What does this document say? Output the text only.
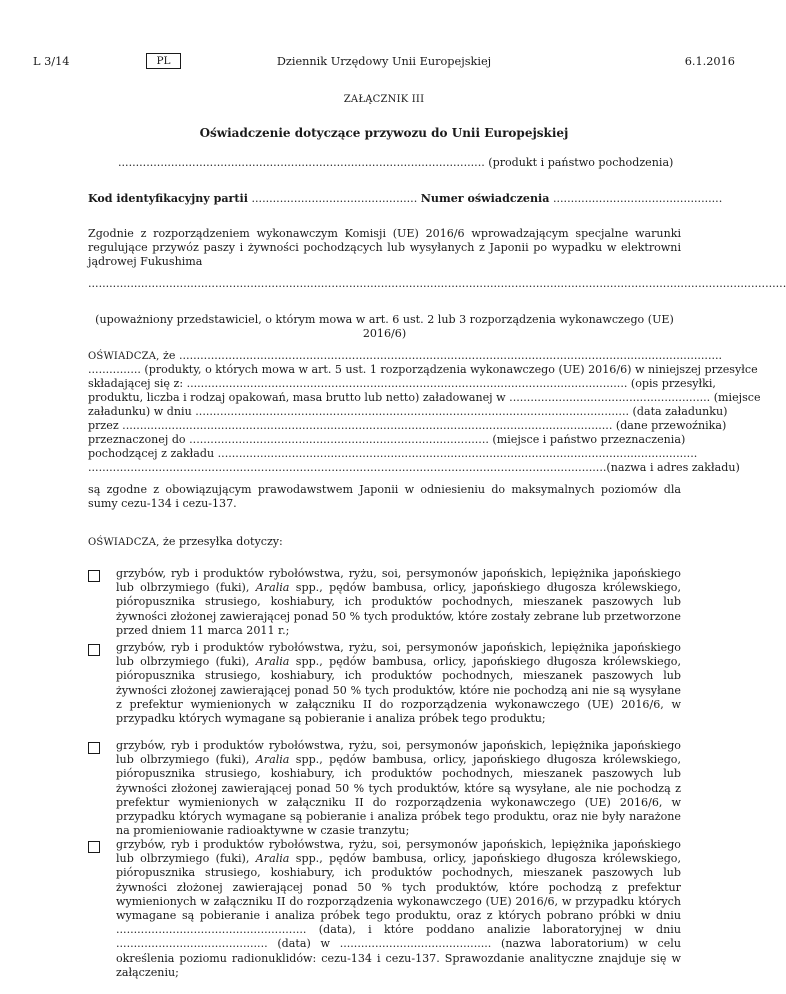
L 3/14	PL	Dziennik Urzędowy Unii Europejskiej	6.1.2016
ZAŁĄCZNIK III
Oświadczenie dotyczące przywozu do Unii Europejskiej
........................................................................................................ (produkt i państwo pochodzenia)
Kod identyfikacyjny partii ............................................... Numer oświadczenia ................................................
Zgodnie z rozporządzeniem wykonawczym Komisji (UE) 2016/6 wprowadzającym specjalne warunki regulujące przywóz paszy i żywności pochodzących lub wysyłanych z Japonii po wypadku w elektrowni jądrowej Fukushima
......................................................................................................................................................................................................
(upoważniony przedstawiciel, o którym mowa w art. 6 ust. 2 lub 3 rozporządzenia wykonawczego (UE) 2016/6)
OŚWIADCZA, że ..........................................................................................................................................................
............... (produkty, o których mowa w art. 5 ust. 1 rozporządzenia wykonawczego (UE) 2016/6) w niniejszej przesyłce
składającej się z: ............................................................................................................................. (opis przesyłki,
produktu, liczba i rodzaj opakowań, masa brutto lub netto) załadowanej w ......................................................... (miejsce
załadunku) w dniu ........................................................................................................................... (data załadunku)
przez ........................................................................................................................................... (dane przewoźnika)
przeznaczonej do ..................................................................................... (miejsce i państwo przeznaczenia)
pochodzącej z zakładu ........................................................................................................................................
...................................................................................................................................................(nazwa i adres zakładu)
są zgodne z obowiązującym prawodawstwem Japonii w odniesieniu do maksymalnych poziomów dla sumy cezu-134 i cezu-137.
OŚWIADCZA, że przesyłka dotyczy:
grzybów, ryb i produktów rybołówstwa, ryżu, soi, persymonów japońskich, lepiężnika japońskiego lub olbrzymiego (fuki), Aralia spp., pędów bambusa, orlicy, japońskiego długosza królewskiego, pióropusznika strusiego, koshiabury, ich produktów pochodnych, mieszanek paszowych lub żywności złożonej zawierającej ponad 50 % tych produktów, które zostały zebrane lub przetworzone przed dniem 11 marca 2011 r.;
grzybów, ryb i produktów rybołówstwa, ryżu, soi, persymonów japońskich, lepiężnika japońskiego lub olbrzymiego (fuki), Aralia spp., pędów bambusa, orlicy, japońskiego długosza królewskiego, pióropusznika strusiego, koshiabury, ich produktów pochodnych, mieszanek paszowych lub żywności złożonej zawierającej ponad 50 % tych produktów, które nie pochodzą ani nie są wysyłane z prefektur wymienionych w załączniku II do rozporządzenia wykonawczego (UE) 2016/6, w przypadku których wymagane są pobieranie i analiza próbek tego produktu;
grzybów, ryb i produktów rybołówstwa, ryżu, soi, persymonów japońskich, lepiężnika japońskiego lub olbrzymiego (fuki), Aralia spp., pędów bambusa, orlicy, japońskiego długosza królewskiego, pióropusznika strusiego, koshiabury, ich produktów pochodnych, mieszanek paszowych lub żywności złożonej zawierającej ponad 50 % tych produktów, które są wysyłane, ale nie pochodzą z prefektur wymienionych w załączniku II do rozporządzenia wykonawczego (UE) 2016/6, w przypadku których wymagane są pobieranie i analiza próbek tego produktu, oraz nie były narażone na promieniowanie radioaktywne w czasie tranzytu;
grzybów, ryb i produktów rybołówstwa, ryżu, soi, persymonów japońskich, lepiężnika japońskiego lub olbrzymiego (fuki), Aralia spp., pędów bambusa, orlicy, japońskiego długosza królewskiego, pióropusznika strusiego, koshiabury, ich produktów pochodnych, mieszanek paszowych lub żywności złożonej zawierającej ponad 50 % tych produktów, które pochodzą z prefektur wymienionych w załączniku II do rozporządzenia wykonawczego (UE) 2016/6, w przypadku których wymagane są pobieranie i analiza próbek tego produktu, oraz z których pobrano próbki w dniu ...................................................... (data), i które poddano analizie laboratoryjnej w dniu ........................................... (data) w ........................................... (nazwa laboratorium) w celu określenia poziomu radionuklidów: cezu-134 i cezu-137. Sprawozdanie analityczne znajduje się w załączeniu;
